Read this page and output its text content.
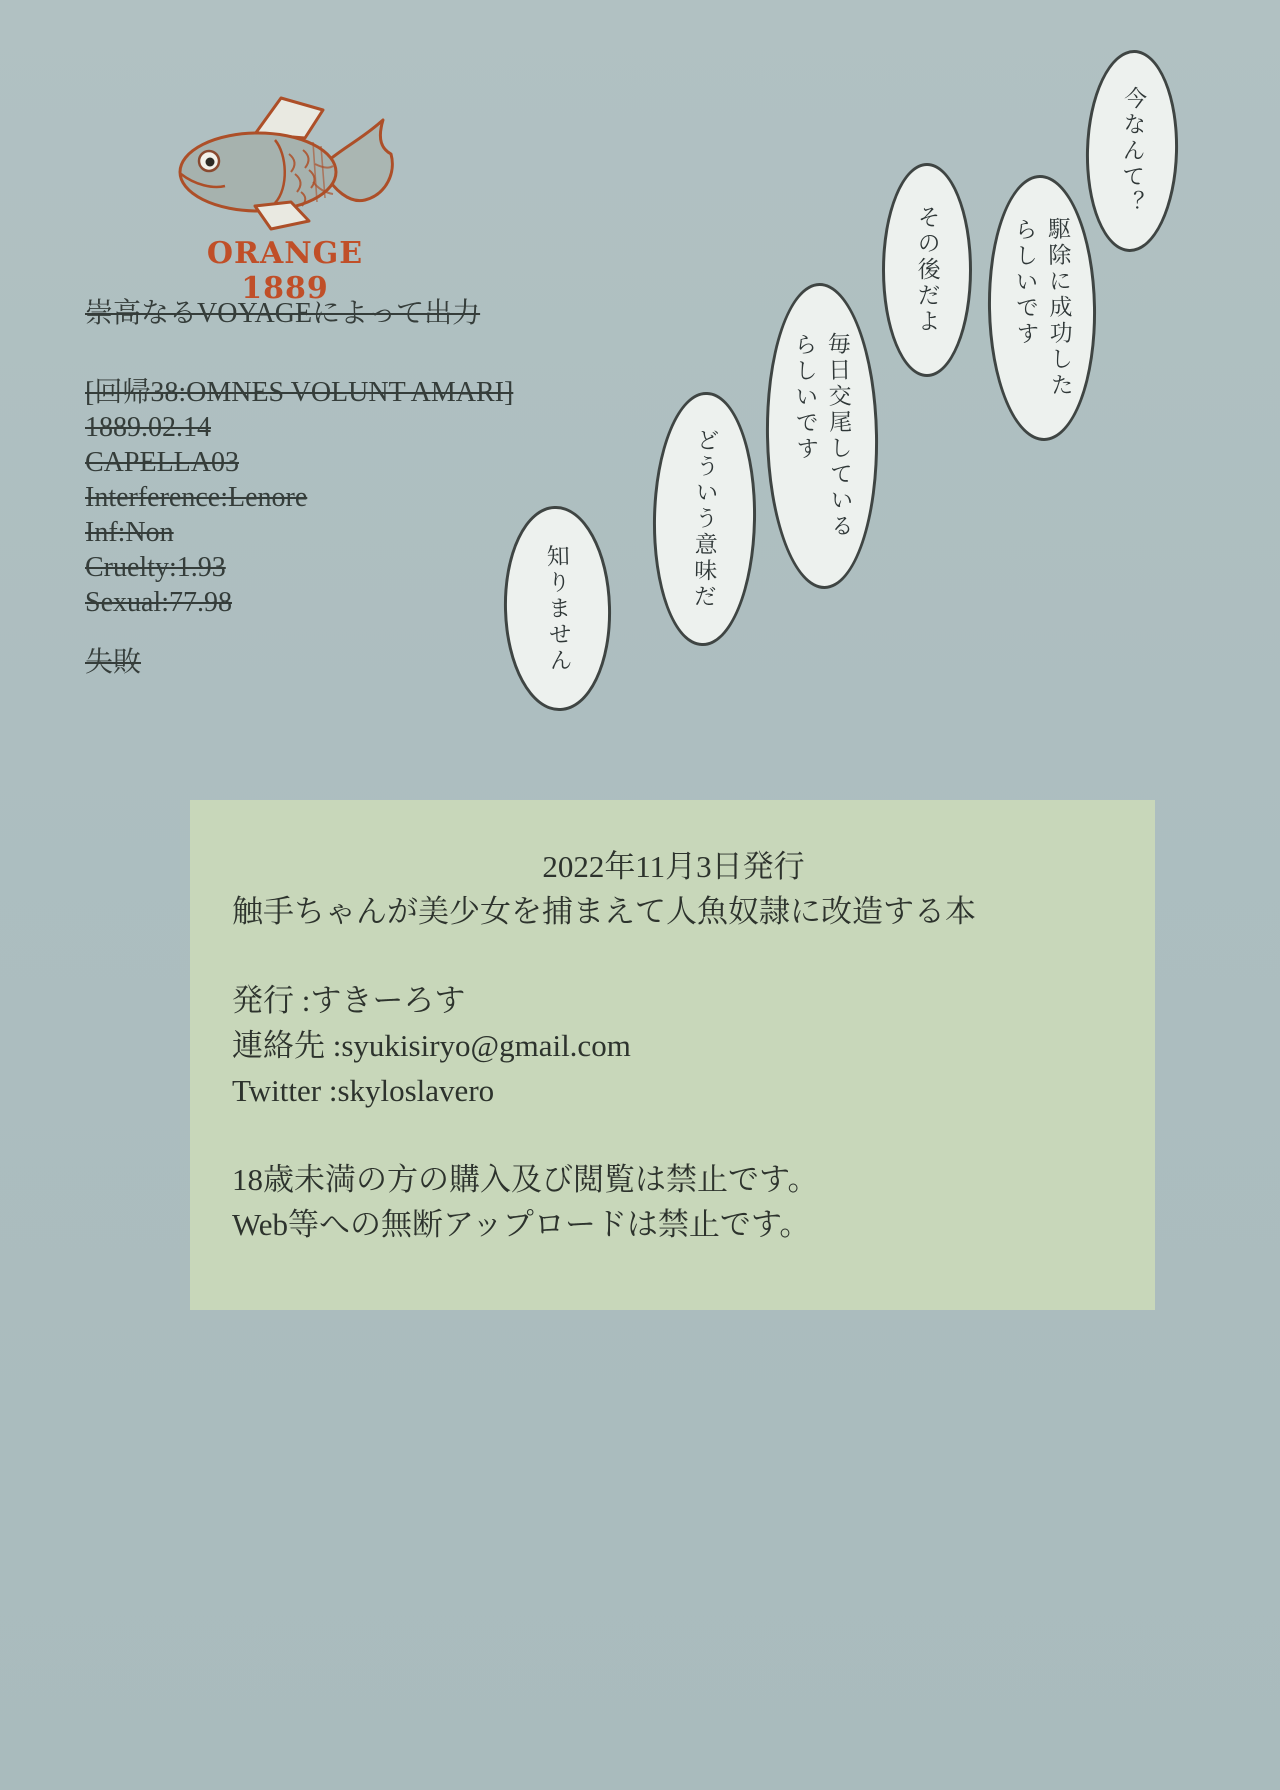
ORANGE 1889
崇高なるVOYAGEによって出力
[回帰38:OMNES VOLUNT AMARI]
1889.02.14
CAPELLA03
Interference:Lenore
Inf:Non
Cruelty:1.93
Sexual:77.98
失敗
今なんて？
駆除に成功した
らしいです
その後だよ
毎日交尾している
らしいです
どういう意味だ
知りません
2022年11月3日発行
触手ちゃんが美少女を捕まえて人魚奴隷に改造する本
発行 :すきーろす
連絡先 :syukisiryo@gmail.com
Twitter :skyloslavero
18歳未満の方の購入及び閲覧は禁止です。
Web等への無断アップロードは禁止です。
